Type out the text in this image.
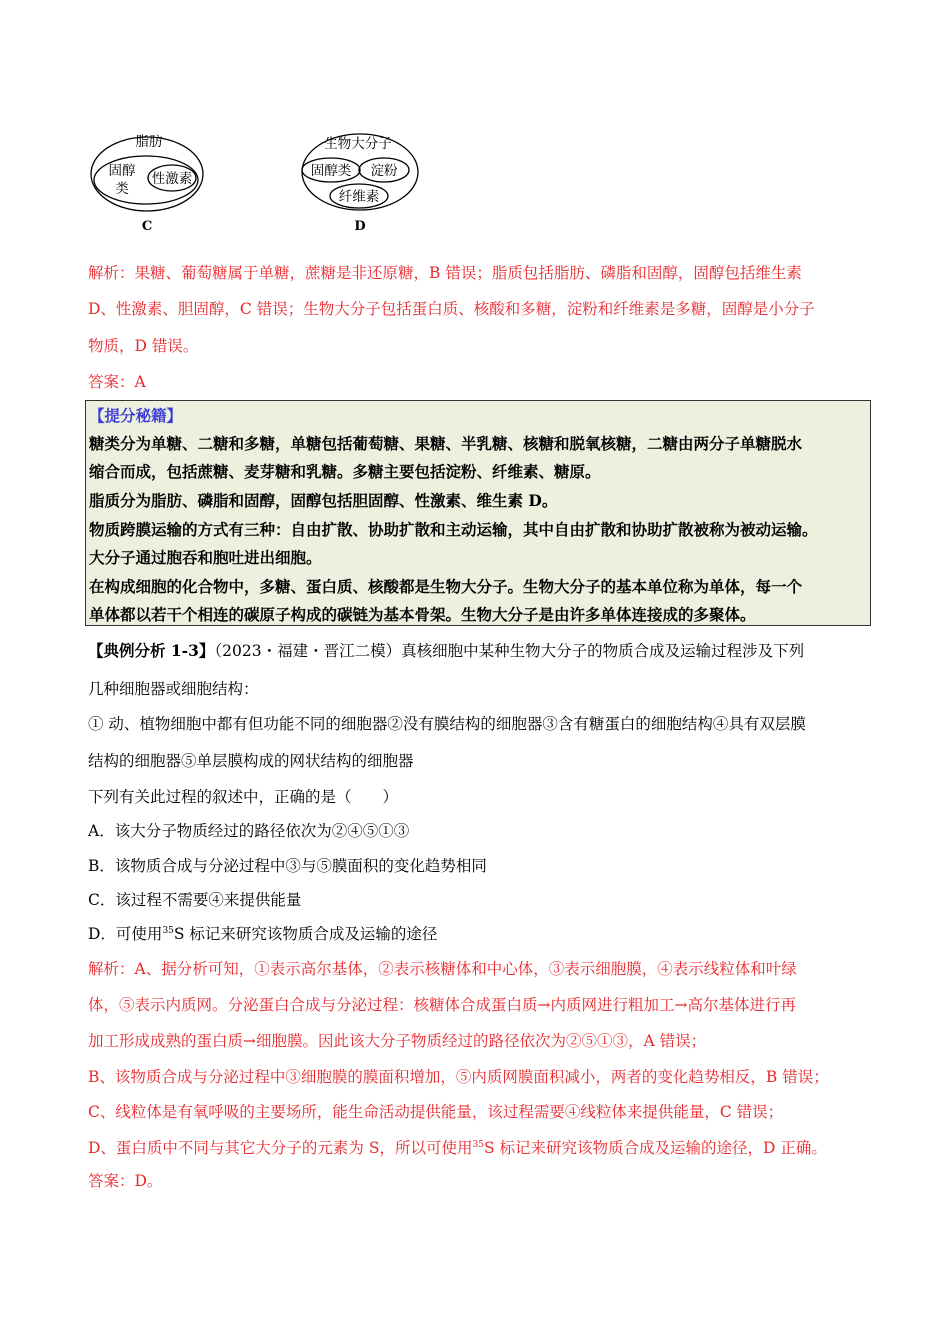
脂肪
固醇
类
性激素
C
生物大分子
固醇类 淀粉
纤维素
D
解析：果糖、葡萄糖属于单糖，蔗糖是非还原糖，B 错误；脂质包括脂肪、磷脂和固醇，固醇包括维生素
D、性激素、胆固醇，C 错误；生物大分子包括蛋白质、核酸和多糖，淀粉和纤维素是多糖，固醇是小分子
物质，D 错误。
答案：A
【提分秘籍】
糖类分为单糖、二糖和多糖，单糖包括葡萄糖、果糖、半乳糖、核糖和脱氧核糖，二糖由两分子单糖脱水
缩合而成，包括蔗糖、麦芽糖和乳糖。多糖主要包括淀粉、纤维素、糖原。
脂质分为脂肪、磷脂和固醇，固醇包括胆固醇、性激素、维生素 D。
物质跨膜运输的方式有三种：自由扩散、协助扩散和主动运输，其中自由扩散和协助扩散被称为被动运输。
大分子通过胞吞和胞吐进出细胞。
在构成细胞的化合物中，多糖、蛋白质、核酸都是生物大分子。生物大分子的基本单位称为单体，每一个
单体都以若干个相连的碳原子构成的碳链为基本骨架。生物大分子是由许多单体连接成的多聚体。
【典例分析 1-3】（2023・福建・晋江二模）真核细胞中某种生物大分子的物质合成及运输过程涉及下列
几种细胞器或细胞结构：
① 动、植物细胞中都有但功能不同的细胞器②没有膜结构的细胞器③含有糖蛋白的细胞结构④具有双层膜
结构的细胞器⑤单层膜构成的网状结构的细胞器
下列有关此过程的叙述中，正确的是（　　）
A．该大分子物质经过的路径依次为②④⑤①③
B．该物质合成与分泌过程中③与⑤膜面积的变化趋势相同
C．该过程不需要④来提供能量
D．可使用$^{35}$S 标记来研究该物质合成及运输的途径
解析：A、据分析可知，①表示高尔基体，②表示核糖体和中心体，③表示细胞膜，④表示线粒体和叶绿
体，⑤表示内质网。分泌蛋白合成与分泌过程：核糖体合成蛋白质→内质网进行粗加工→高尔基体进行再
加工形成成熟的蛋白质→细胞膜。因此该大分子物质经过的路径依次为②⑤①③，A 错误；
B、该物质合成与分泌过程中③细胞膜的膜面积增加，⑤内质网膜面积减小，两者的变化趋势相反，B 错误；
C、线粒体是有氧呼吸的主要场所，能生命活动提供能量，该过程需要④线粒体来提供能量，C 错误；
D、蛋白质中不同与其它大分子的元素为 S，所以可使用$^{35}$S 标记来研究该物质合成及运输的途径，D 正确。
答案：D。
